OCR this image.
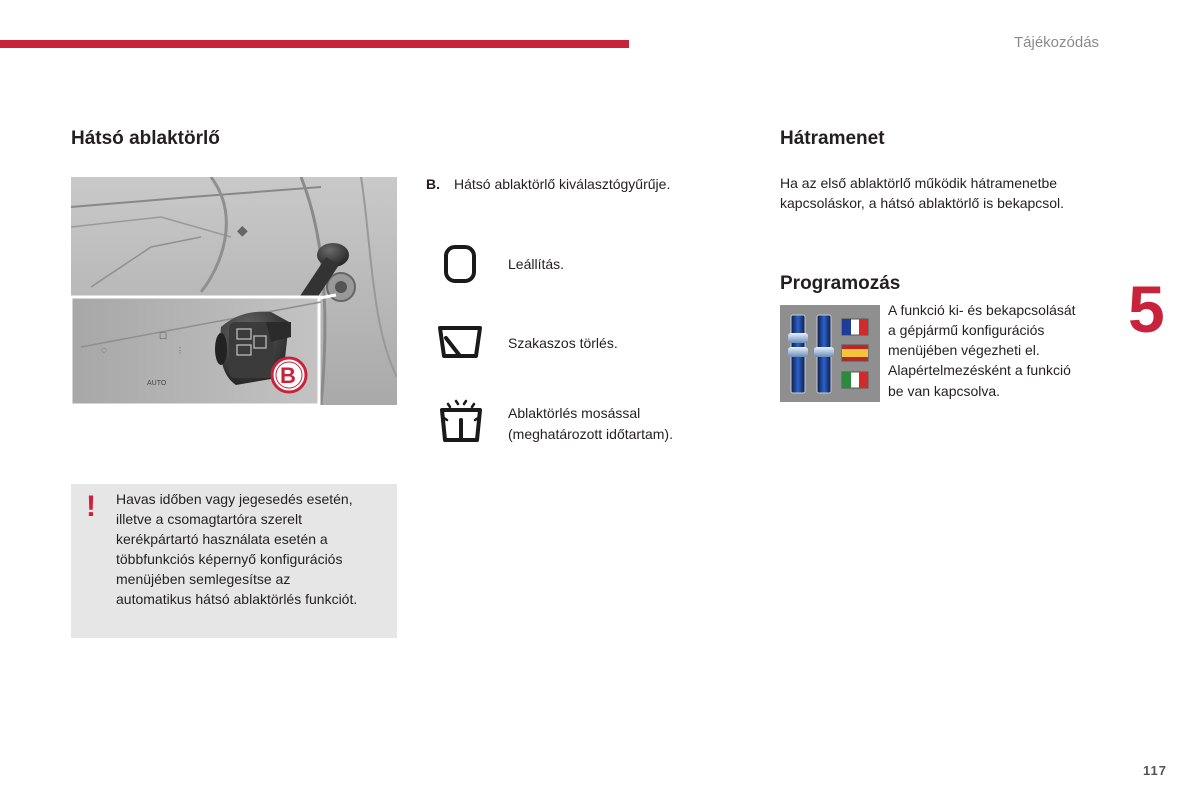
Tájékozódás
Hátsó ablaktörlő
◆
◌
☐
⋮
AUTO	B
B. Hátsó ablaktörlő kiválasztógyűrűje.
Leállítás.
Szakaszos törlés.
Ablaktörlés mosással
(meghatározott időtartam).
! Havas időben vagy jegesedés esetén,
illetve a csomagtartóra szerelt
kerékpártartó használata esetén a
többfunkciós képernyő konfigurációs
menüjében semlegesítse az
automatikus hátsó ablaktörlés funkciót.
Hátramenet
Ha az első ablaktörlő működik hátramenetbe
kapcsoláskor, a hátsó ablaktörlő is bekapcsol.
Programozás
A funkció ki- és bekapcsolását
a gépjármű konfigurációs
menüjében végezheti el.
Alapértelmezésként a funkció
be van kapcsolva.
5
117
